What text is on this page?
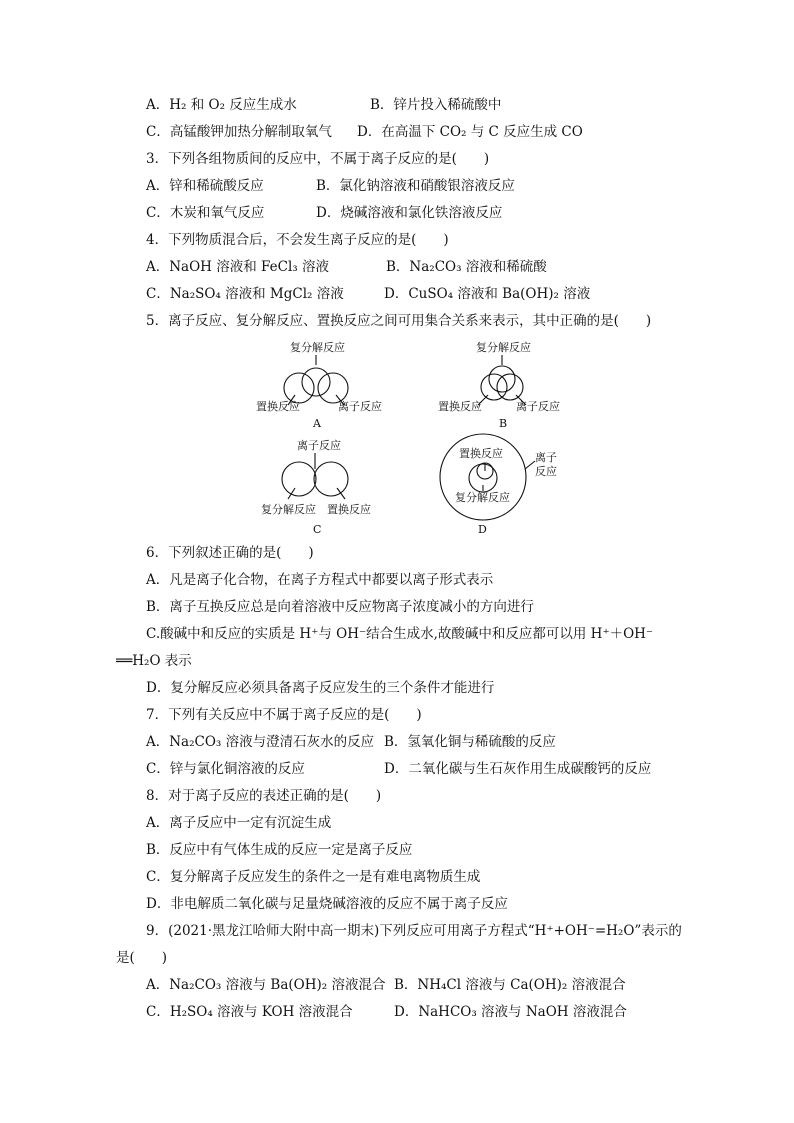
A．H₂ 和 O₂ 反应生成水	B．锌片投入稀硫酸中
C．高锰酸钾加热分解制取氧气 D．在高温下 CO₂ 与 C 反应生成 CO
3．下列各组物质间的反应中，不属于离子反应的是(　　)
A．锌和稀硫酸反应	B．氯化钠溶液和硝酸银溶液反应
C．木炭和氧气反应	D．烧碱溶液和氯化铁溶液反应
4．下列物质混合后，不会发生离子反应的是(　　)
A．NaOH 溶液和 FeCl₃ 溶液	B．Na₂CO₃ 溶液和稀硫酸
C．Na₂SO₄ 溶液和 MgCl₂ 溶液	D．CuSO₄ 溶液和 Ba(OH)₂ 溶液
5．离子反应、复分解反应、置换反应之间可用集合关系来表示，其中正确的是(　　)
复分解反应
置换反应	离子反应
A
复分解反应
置换反应	离子反应
B
离子反应
复分解反应 置换反应
C
置换反应
复分解反应
离子
反应
D
6．下列叙述正确的是(　　)
A．凡是离子化合物，在离子方程式中都要以离子形式表示
B．离子互换反应总是向着溶液中反应物离子浓度减小的方向进行
C.酸碱中和反应的实质是 H⁺与 OH⁻结合生成水,故酸碱中和反应都可以用 H⁺＋OH⁻
══H₂O 表示
D．复分解反应必须具备离子反应发生的三个条件才能进行
7．下列有关反应中不属于离子反应的是(　　)
A．Na₂CO₃ 溶液与澄清石灰水的反应 B．氢氧化铜与稀硫酸的反应
C．锌与氯化铜溶液的反应	D．二氧化碳与生石灰作用生成碳酸钙的反应
8．对于离子反应的表述正确的是(　　)
A．离子反应中一定有沉淀生成
B．反应中有气体生成的反应一定是离子反应
C．复分解离子反应发生的条件之一是有难电离物质生成
D．非电解质二氧化碳与足量烧碱溶液的反应不属于离子反应
9．(2021·黑龙江哈师大附中高一期末)下列反应可用离子方程式“H⁺+OH⁻=H₂O”表示的
是(　　)
A．Na₂CO₃ 溶液与 Ba(OH)₂ 溶液混合 B．NH₄Cl 溶液与 Ca(OH)₂ 溶液混合
C．H₂SO₄ 溶液与 KOH 溶液混合	D．NaHCO₃ 溶液与 NaOH 溶液混合
